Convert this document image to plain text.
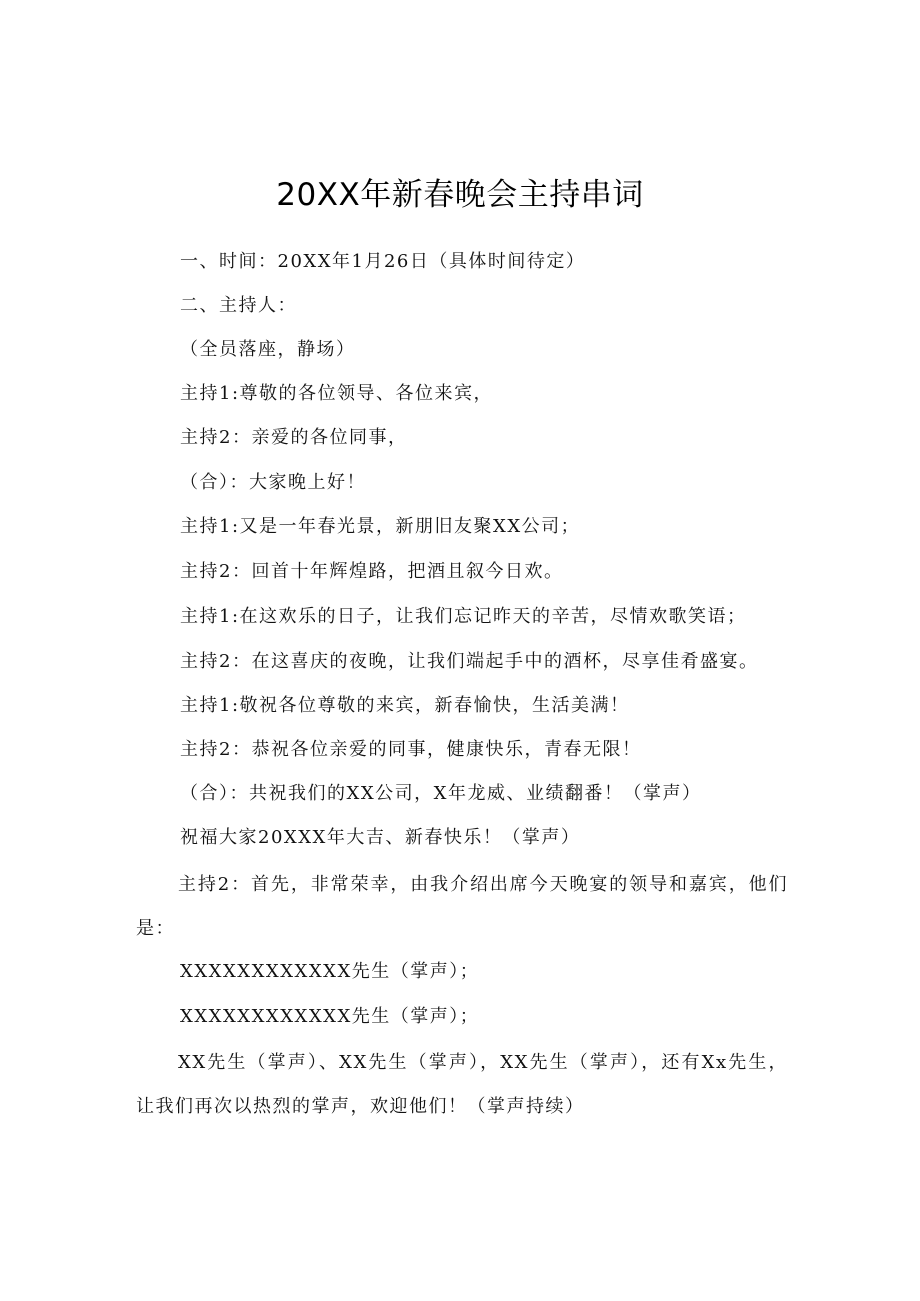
20XX年新春晚会主持串词
一、时间：20XX年1月26日（具体时间待定）
二、主持人：
（全员落座，静场）
主持1:尊敬的各位领导、各位来宾，
主持2：亲爱的各位同事，
（合）：大家晚上好！
主持1:又是一年春光景，新朋旧友聚XX公司；
主持2：回首十年辉煌路，把酒且叙今日欢。
主持1:在这欢乐的日子，让我们忘记昨天的辛苦，尽情欢歌笑语；
主持2：在这喜庆的夜晚，让我们端起手中的酒杯，尽享佳肴盛宴。
主持1:敬祝各位尊敬的来宾，新春愉快，生活美满！
主持2：恭祝各位亲爱的同事，健康快乐，青春无限！
（合）：共祝我们的XX公司，X年龙威、业绩翻番！（掌声）
祝福大家20XXX年大吉、新春快乐！（掌声）
主持2：首先，非常荣幸，由我介绍出席今天晚宴的领导和嘉宾，他们是：
XXXXXXXXXXXX先生（掌声）；
XXXXXXXXXXXX先生（掌声）；
XX先生（掌声）、XX先生（掌声），XX先生（掌声），还有Xx先生，让我们再次以热烈的掌声，欢迎他们！（掌声持续）
